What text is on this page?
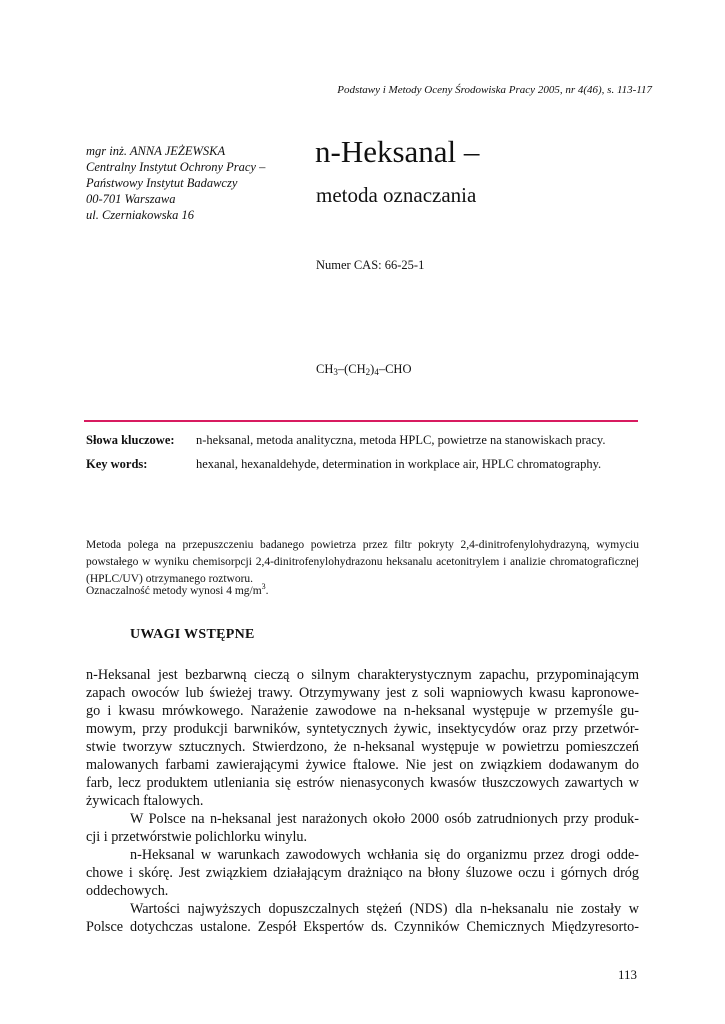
Podstawy i Metody Oceny Środowiska Pracy 2005, nr 4(46), s. 113-117
mgr inż. ANNA JEŻEWSKA
Centralny Instytut Ochrony Pracy –
Państwowy Instytut Badawczy
00-701 Warszawa
ul. Czerniakowska 16
n-Heksanal –
metoda oznaczania
Numer CAS: 66-25-1
$CH_3-(CH_2)_4$–CHO
Słowa kluczowe: n-heksanal, metoda analityczna, metoda HPLC, powietrze na stanowiskach pracy.
Key words:	hexanal, hexanaldehyde, determination in workplace air, HPLC chromatography.
Metoda polega na przepuszczeniu badanego powietrza przez filtr pokryty 2,4-dinitrofenylohydrazyną, wymyciu powstałego w wyniku chemisorpcji 2,4-dinitrofenylohydrazonu heksanalu acetonitrylem i analizie chromatograficznej (HPLC/UV) otrzymanego roztworu.
Oznaczalność metody wynosi 4 $mg/m^3$.
UWAGI WSTĘPNE
n-Heksanal jest bezbarwną cieczą o silnym charakterystycznym zapachu, przypominającym
zapach owoców lub świeżej trawy. Otrzymywany jest z soli wapniowych kwasu kapronowe-
go i kwasu mrówkowego. Narażenie zawodowe na n-heksanal występuje w przemyśle gu-
mowym, przy produkcji barwników, syntetycznych żywic, insektycydów oraz przy przetwór-
stwie tworzyw sztucznych. Stwierdzono, że n-heksanal występuje w powietrzu pomieszczeń
malowanych farbami zawierającymi żywice ftalowe. Nie jest on związkiem dodawanym do
farb, lecz produktem utleniania się estrów nienasyconych kwasów tłuszczowych zawartych w
żywicach ftalowych.
W Polsce na n-heksanal jest narażonych około 2000 osób zatrudnionych przy produk-
cji i przetwórstwie polichlorku winylu.
n-Heksanal w warunkach zawodowych wchłania się do organizmu przez drogi odde-
chowe i skórę. Jest związkiem działającym drażniąco na błony śluzowe oczu i górnych dróg
oddechowych.
Wartości najwyższych dopuszczalnych stężeń (NDS) dla n-heksanalu nie zostały w
Polsce dotychczas ustalone. Zespół Ekspertów ds. Czynników Chemicznych Międzyresorto-
113
